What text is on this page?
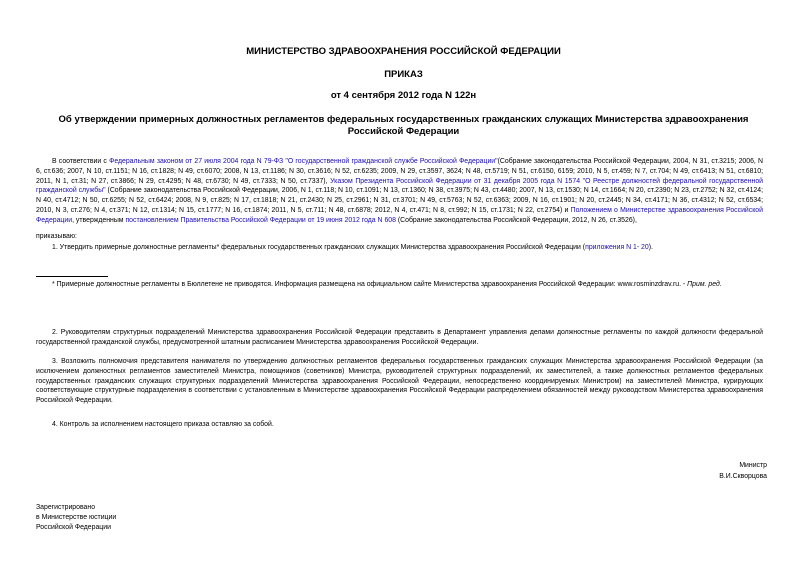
МИНИСТЕРСТВО ЗДРАВООХРАНЕНИЯ РОССИЙСКОЙ ФЕДЕРАЦИИ
ПРИКАЗ
от 4 сентября 2012 года N 122н
Об утверждении примерных должностных регламентов федеральных государственных гражданских служащих Министерства здравоохранения Российской Федерации
В соответствии с Федеральным законом от 27 июля 2004 года N 79-ФЗ "О государственной гражданской службе Российской Федерации"(Собрание законодательства Российской Федерации, 2004, N 31, ст.3215; 2006, N 6, ст.636; 2007, N 10, ст.1151; N 16, ст.1828; N 49, ст.6070; 2008, N 13, ст.1186; N 30, ст.3616; N 52, ст.6235; 2009, N 29, ст.3597, 3624; N 48, ст.5719; N 51, ст.6150, 6159; 2010, N 5, ст.459; N 7, ст.704; N 49, ст.6413; N 51, ст.6810; 2011, N 1, ст.31; N 27, ст.3866; N 29, ст.4295; N 48, ст.6730; N 49, ст.7333; N 50, ст.7337), Указом Президента Российской Федерации от 31 декабря 2005 года N 1574 "О Реестре должностей федеральной государственной гражданской службы" (Собрание законодательства Российской Федерации, 2006, N 1, ст.118; N 10, ст.1091; N 13, ст.1360; N 38, ст.3975; N 43, ст.4480; 2007, N 13, ст.1530; N 14, ст.1664; N 20, ст.2390; N 23, ст.2752; N 32, ст.4124; N 40, ст.4712; N 50, ст.6255; N 52, ст.6424; 2008, N 9, ст.825; N 17, ст.1818; N 21, ст.2430; N 25, ст.2961; N 31, ст.3701; N 49, ст.5763; N 52, ст.6363; 2009, N 16, ст.1901; N 20, ст.2445; N 34, ст.4171; N 36, ст.4312; N 52, ст.6534; 2010, N 3, ст.276; N 4, ст.371; N 12, ст.1314; N 15, ст.1777; N 16, ст.1874; 2011, N 5, ст.711; N 48, ст.6878; 2012, N 4, ст.471; N 8, ст.992; N 15, ст.1731; N 22, ст.2754) и Положением о Министерстве здравоохранения Российской Федерации, утвержденным постановлением Правительства Российской Федерации от 19 июня 2012 года N 608 (Собрание законодательства Российской Федерации, 2012, N 26, ст.3526),
приказываю:
1. Утвердить примерные должностные регламенты* федеральных государственных гражданских служащих Министерства здравоохранения Российской Федерации (приложения N 1- 20).
* Примерные должностные регламенты в Бюллетене не приводятся. Информация размещена на официальном сайте Министерства здравоохранения Российской Федерации: www.rosminzdrav.ru. - Прим. ред.
2. Руководителям структурных подразделений Министерства здравоохранения Российской Федерации представить в Департамент управления делами должностные регламенты по каждой должности федеральной государственной гражданской службы, предусмотренной штатным расписанием Министерства здравоохранения Российской Федерации.
3. Возложить полномочия представителя нанимателя по утверждению должностных регламентов федеральных государственных гражданских служащих Министерства здравоохранения Российской Федерации (за исключением должностных регламентов заместителей Министра, помощников (советников) Министра, руководителей структурных подразделений, их заместителей, а также должностных регламентов федеральных государственных гражданских служащих структурных подразделений Министерства здравоохранения Российской Федерации, непосредственно координируемых Министром) на заместителей Министра, курирующих соответствующие структурные подразделения в соответствии с установленным в Министерстве здравоохранения Российской Федерации распределением обязанностей между руководством Министерства здравоохранения Российской Федерации.
4. Контроль за исполнением настоящего приказа оставляю за собой.
Министр
В.И.Скворцова
Зарегистрировано
в Министерстве юстиции
Российской Федерации
